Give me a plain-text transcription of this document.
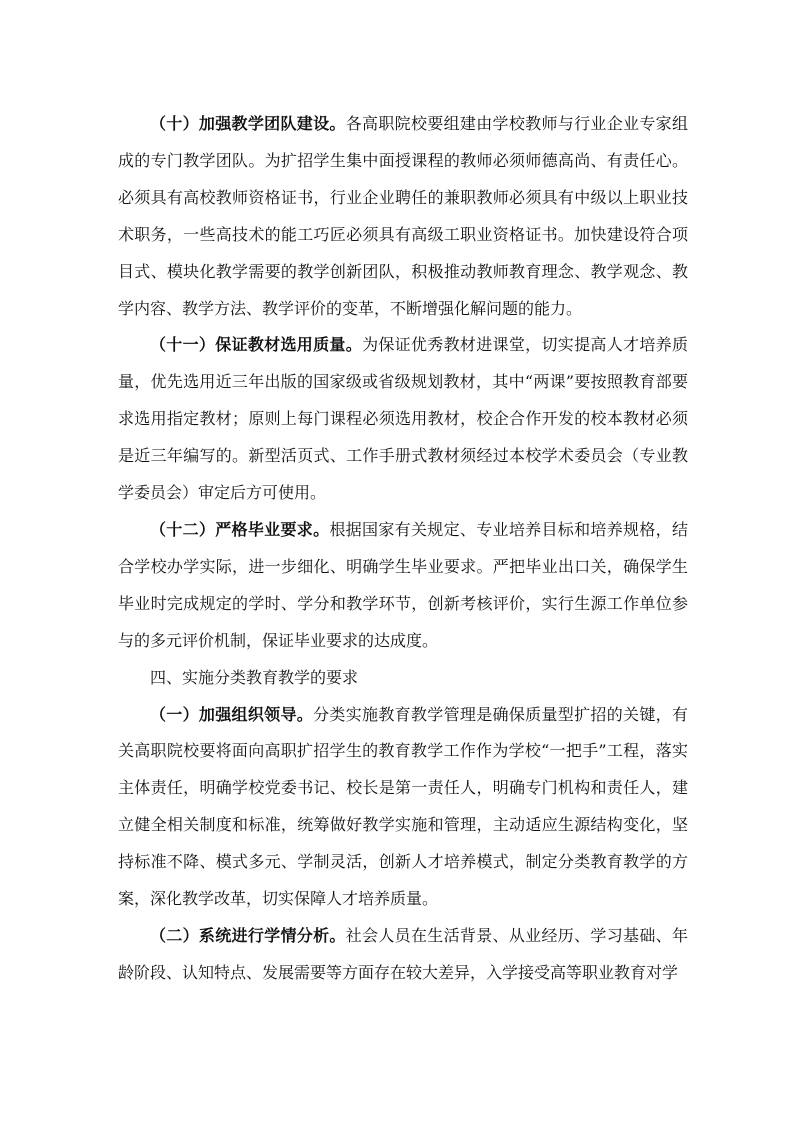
（十）加强教学团队建设。各高职院校要组建由学校教师与行业企业专家组成的专门教学团队。为扩招学生集中面授课程的教师必须师德高尚、有责任心。必须具有高校教师资格证书，行业企业聘任的兼职教师必须具有中级以上职业技术职务，一些高技术的能工巧匠必须具有高级工职业资格证书。加快建设符合项目式、模块化教学需要的教学创新团队，积极推动教师教育理念、教学观念、教学内容、教学方法、教学评价的变革，不断增强化解问题的能力。

（十一）保证教材选用质量。为保证优秀教材进课堂，切实提高人才培养质量，优先选用近三年出版的国家级或省级规划教材，其中“两课”要按照教育部要求选用指定教材；原则上每门课程必须选用教材，校企合作开发的校本教材必须是近三年编写的。新型活页式、工作手册式教材须经过本校学术委员会（专业教学委员会）审定后方可使用。

（十二）严格毕业要求。根据国家有关规定、专业培养目标和培养规格，结合学校办学实际，进一步细化、明确学生毕业要求。严把毕业出口关，确保学生毕业时完成规定的学时、学分和教学环节，创新考核评价，实行生源工作单位参与的多元评价机制，保证毕业要求的达成度。

四、实施分类教育教学的要求

（一）加强组织领导。分类实施教育教学管理是确保质量型扩招的关键，有关高职院校要将面向高职扩招学生的教育教学工作作为学校“一把手”工程，落实主体责任，明确学校党委书记、校长是第一责任人，明确专门机构和责任人，建立健全相关制度和标准，统筹做好教学实施和管理，主动适应生源结构变化，坚持标准不降、模式多元、学制灵活，创新人才培养模式，制定分类教育教学的方案，深化教学改革，切实保障人才培养质量。

（二）系统进行学情分析。社会人员在生活背景、从业经历、学习基础、年龄阶段、认知特点、发展需要等方面存在较大差异，入学接受高等职业教育对学
